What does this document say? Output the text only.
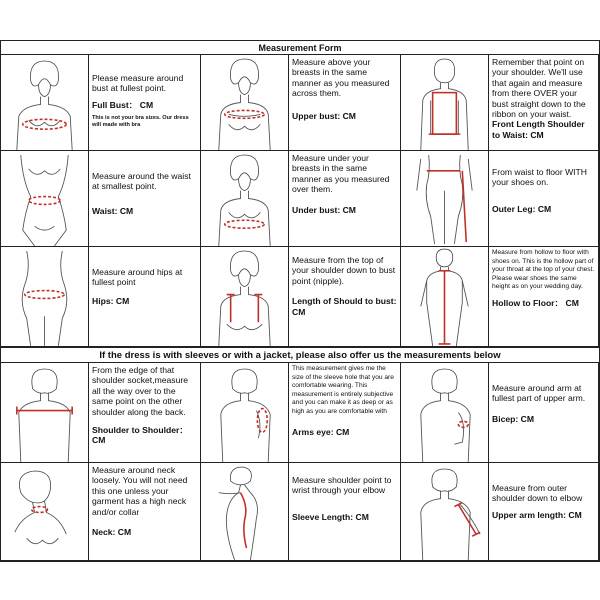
Measurement Form
Please measure around bust at fullest point.
Full Bust： CM
This is not your bra sizes. Our dress will made with bra
Measure above your breasts in the same manner as you measured across them.
Upper bust: CM
Remember that point on your shoulder. We'll use that again and measure from there OVER your bust straight down to the ribbon on your waist.
Front Length Shoulder to Waist: CM
Measure around the waist at smallest point.
Waist: CM
Measure under your breasts in the same manner as you measured over them.
Under bust: CM
From waist to floor WITH your shoes on.
Outer Leg: CM
Measure around hips at fullest point
Hips: CM
Measure from the top of your shoulder down to bust point (nipple).
Length of Should to bust: CM
Measure from hollow to floor with shoes on. This is the hollow part of your throat at the top of your chest. Please wear shoes the same height as on your wedding day.
Hollow to Floor： CM
If the dress is with sleeves or with a jacket, please also offer us the measurements below
From the edge of that shoulder socket,measure all the way over to the same point on the other shoulder along the back.
Shoulder to Shoulder： CM
This measurement gives me the size of the sleeve hole that you are comfortable wearing. This measurement is entirely subjective and you can make it as deep or as high as you are comfortable with
Arms eye: CM
Measure around arm at fullest part of upper arm.
Bicep: CM
Measure around neck loosely. You will not need this one unless your garment has a high neck and/or collar
Neck: CM
Measure shoulder point to wrist through your elbow
Sleeve Length: CM
Measure from outer shoulder down to elbow
Upper arm length: CM
